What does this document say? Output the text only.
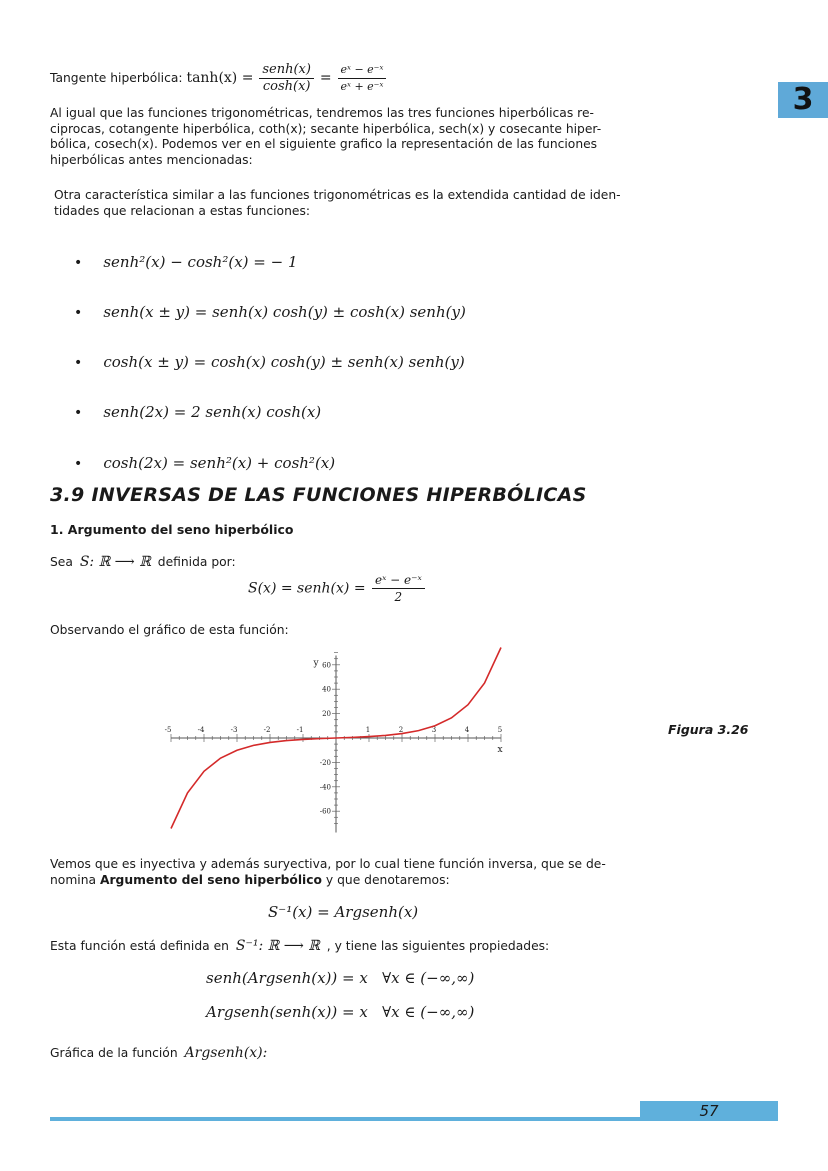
3
Tangente hiperbólica: $\tanh(x) = \frac{\text{senh(x)}}{\cosh(x)} = \frac{\text{eˣ − e⁻ˣ}}{\text{eˣ + e⁻ˣ}}$
Al igual que las funciones trigonométricas, tendremos las tres funciones hiperbólicas re-
ciprocas, cotangente hiperbólica, coth(x); secante hiperbólica, sech(x) y cosecante hiper-
bólica, cosech(x). Podemos ver en el siguiente grafico la representación de las funciones
hiperbólicas antes mencionadas:
Otra característica similar a las funciones trigonométricas es la extendida cantidad de iden-
tidades que relacionan a estas funciones:
• senh²(x) − cosh²(x) = − 1
• senh(x ± y) = senh(x) cosh(y) ± cosh(x) senh(y)
• cosh(x ± y) = cosh(x) cosh(y) ± senh(x) senh(y)
• senh(2x) = 2 senh(x) cosh(x)
• cosh(2x) = senh²(x) + cosh²(x)
3.9 INVERSAS DE LAS FUNCIONES HIPERBÓLICAS
1. Argumento del seno hiperbólico
Sea S: ℝ ⟶ ℝ definida por:
S(x) = senh(x) = $\frac{\text{eˣ − e⁻ˣ}}{2}$
Observando el gráfico de esta función:
-5	-4	-3	-2	-1	1	2	3	4	5
60
40
20
-20
-40
-60
x
y
Figura 3.26
Vemos que es inyectiva y además suryectiva, por lo cual tiene función inversa, que se de-
nomina Argumento del seno hiperbólico y que denotaremos:
S⁻¹(x) = Argsenh(x)
Esta función está definida en S⁻¹: ℝ ⟶ ℝ , y tiene las siguientes propiedades:
senh(Argsenh(x)) = x   ∀x ∈ (−∞,∞)
Argsenh(senh(x)) = x   ∀x ∈ (−∞,∞)
Gráfica de la función Argsenh(x):
57
